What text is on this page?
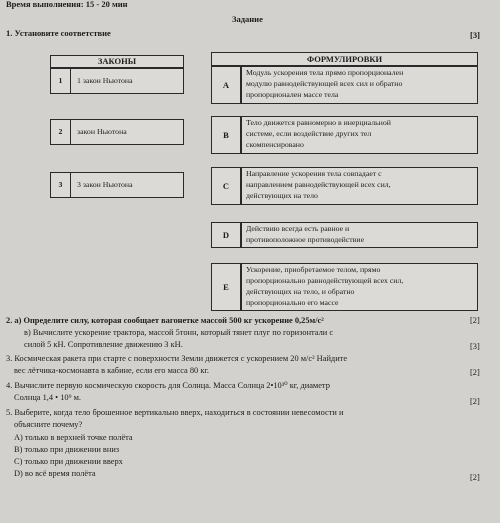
Время выполнения: 15 - 20 мин
Задание
1. Установите соответствие	[3]
ЗАКОНЫ	ФОРМУЛИРОВКИ
1	1 закон Ньютона
2	закон Ньютона
3	3 закон Ньютона
A
Модуль ускорения тела прямо пропорционален
модулю равнодействующей всех сил и обратно
пропорционален массе тела
B
Тело движется равномерно в инерциальной
системе, если воздействие других тел
скомпенсировано
C
Направление ускорения тела совпадает с
направлением равнодействующей всех сил,
действующих на тело
D
Действию всегда есть равное и
противоположное противодействие
E
Ускорение, приобретаемое телом, прямо
пропорционально равнодействующей всех сил,
действующих на тело, и обратно
пропорционально его массе
2. а) Определите силу, которая сообщает вагонетке массой 500 кг ускорение 0,25м/с²	[2]
в) Вычислите ускорение трактора, массой 5тонн, который тянет плуг по горизонтали с
силой 5 кН. Сопротивление движению 3 кН.	[3]
3. Космическая ракета при старте с поверхности Земли движется с ускорением 20 м/с² Найдите
вес лётчика-космонавта в кабине, если его масса 80 кг.	[2]
4. Вычислите первую космическую скорость для Солнца. Масса Солнца 2•10³⁰ кг, диаметр
Солнца 1,4 • 10⁹ м.	[2]
5. Выберите, когда тело брошенное вертикально вверх, находиться в состоянии невесомости и
объясните почему?
А) только в верхней точке полёта
В) только при движении вниз
С) только при движении вверх
D) во всё время полёта	[2]
